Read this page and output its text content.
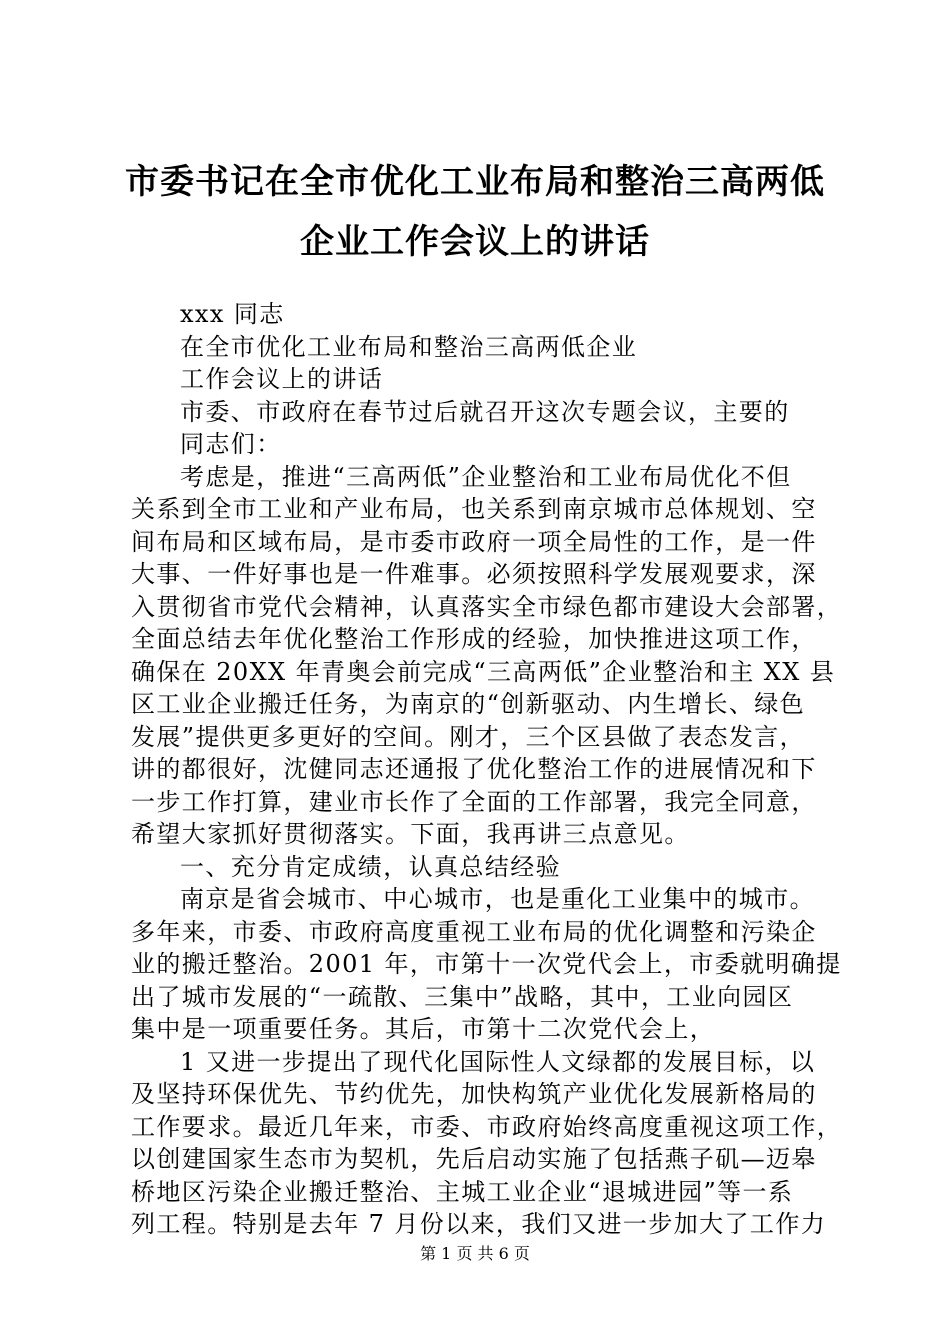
市委书记在全市优化工业布局和整治三高两低
企业工作会议上的讲话
xxx 同志
在全市优化工业布局和整治三高两低企业
工作会议上的讲话
市委、市政府在春节过后就召开这次专题会议，主要的
同志们：
考虑是，推进“三高两低”企业整治和工业布局优化不但
关系到全市工业和产业布局，也关系到南京城市总体规划、空
间布局和区域布局，是市委市政府一项全局性的工作，是一件
大事、一件好事也是一件难事。必须按照科学发展观要求，深
入贯彻省市党代会精神，认真落实全市绿色都市建设大会部署，
全面总结去年优化整治工作形成的经验，加快推进这项工作，
确保在 20XX 年青奥会前完成“三高两低”企业整治和主 XX 县
区工业企业搬迁任务，为南京的“创新驱动、内生增长、绿色
发展”提供更多更好的空间。刚才，三个区县做了表态发言，
讲的都很好，沈健同志还通报了优化整治工作的进展情况和下
一步工作打算，建业市长作了全面的工作部署，我完全同意，
希望大家抓好贯彻落实。下面，我再讲三点意见。
一、充分肯定成绩，认真总结经验
南京是省会城市、中心城市，也是重化工业集中的城市。
多年来，市委、市政府高度重视工业布局的优化调整和污染企
业的搬迁整治。2001 年，市第十一次党代会上，市委就明确提
出了城市发展的“一疏散、三集中”战略，其中，工业向园区
集中是一项重要任务。其后，市第十二次党代会上，
1 又进一步提出了现代化国际性人文绿都的发展目标，以
及坚持环保优先、节约优先，加快构筑产业优化发展新格局的
工作要求。最近几年来，市委、市政府始终高度重视这项工作，
以创建国家生态市为契机，先后启动实施了包括燕子矶—迈皋
桥地区污染企业搬迁整治、主城工业企业“退城进园”等一系
列工程。特别是去年 7 月份以来，我们又进一步加大了工作力
第 1 页 共 6 页
